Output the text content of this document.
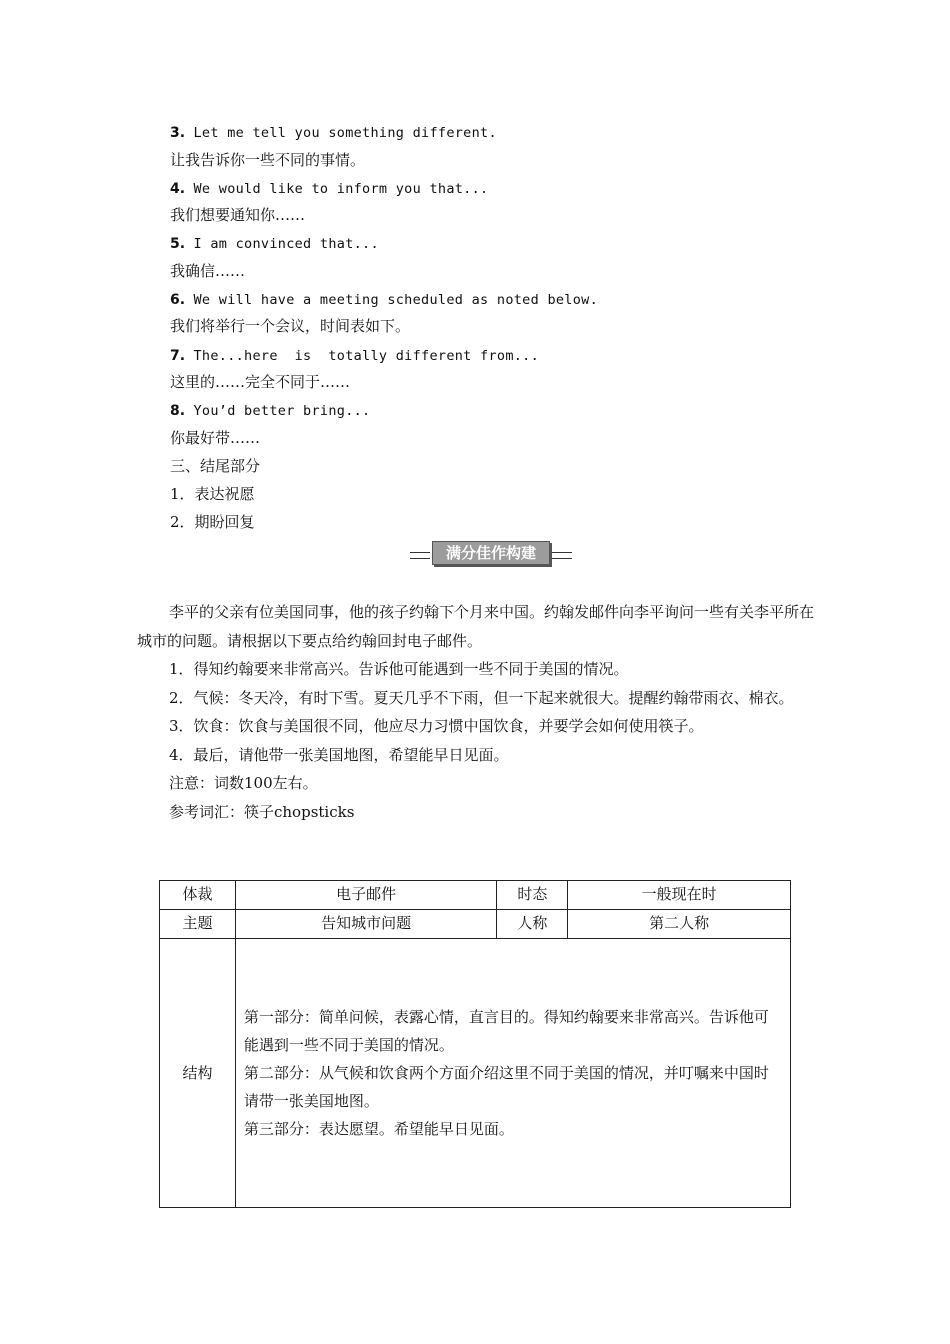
3. Let me tell you something different.
让我告诉你一些不同的事情。
4. We would like to inform you that...
我们想要通知你……
5. I am convinced that...
我确信……
6. We will have a meeting scheduled as noted below.
我们将举行一个会议，时间表如下。
7. The...here  is  totally different from...
这里的……完全不同于……
8. You’d better bring...
你最好带……
三、结尾部分
1．表达祝愿
2．期盼回复
满分佳作构建

李平的父亲有位美国同事，他的孩子约翰下个月来中国。约翰发邮件向李平询问一些有关李平所在城市的问题。请根据以下要点给约翰回封电子邮件。

1．得知约翰要来非常高兴。告诉他可能遇到一些不同于美国的情况。

2．气候：冬天冷，有时下雪。夏天几乎不下雨，但一下起来就很大。提醒约翰带雨衣、棉衣。

3．饮食：饮食与美国很不同，他应尽力习惯中国饮食，并要学会如何使用筷子。

4．最后，请他带一张美国地图，希望能早日见面。

注意：词数100左右。

参考词汇：筷子chopsticks

体裁	电子邮件	时态	一般现在时
主题	告知城市问题	人称	第二人称
结构	第一部分：简单问候，表露心情，直言目的。得知约翰要来非常高兴。告诉他可能遇到一些不同于美国的情况。
第二部分：从气候和饮食两个方面介绍这里不同于美国的情况，并叮嘱来中国时请带一张美国地图。
第三部分：表达愿望。希望能早日见面。		
